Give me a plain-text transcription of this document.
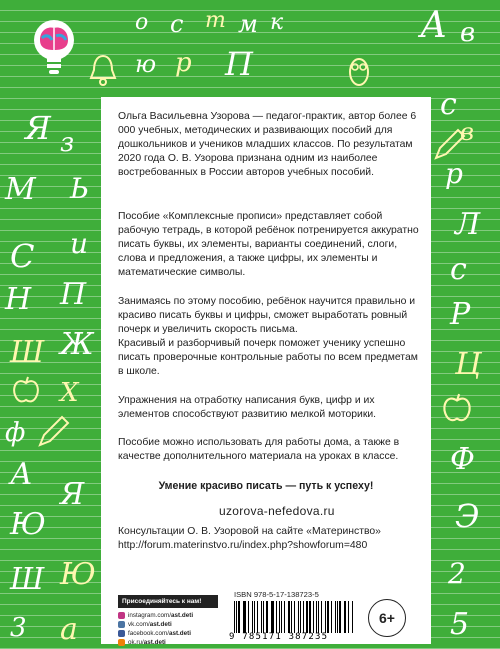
о с т м к	А
ю р П
Я
М
с
в
р
Л
с
Р
Ц
С
П
Н
Ж
Ш
А
Я
Ю
Ш Ю
Ф
Э
2
5
а
3
Ь
и
з
Х
ф
в

Ольга Васильевна Узорова — педагог-практик, автор более 6 000 учебных, методических и развивающих пособий для дошкольников и учеников младших классов. По результатам 2020 года О. В. Узорова признана одним из наиболее востребованных в России авторов учебных пособий.

Пособие «Комплексные прописи» представляет собой рабочую тетрадь, в которой ребёнок потренируется аккуратно писать буквы, их элементы, варианты соединений, слоги, слова и предложения, а также цифры, их элементы и математические символы.

Занимаясь по этому пособию, ребёнок научится правильно и красиво писать буквы и цифры, сможет выработать ровный почерк и увеличить скорость письма.

Красивый и разборчивый почерк поможет ученику успешно писать проверочные контрольные работы по всем предметам в школе.

Упражнения на отработку написания букв, цифр и их элементов способствуют развитию мелкой моторики.

Пособие можно использовать для работы дома, а также в качестве дополнительного материала на уроках в классе.

Умение красиво писать — путь к успеху!
uzorova-nefedova.ru
Консультации О. В. Узоровой на сайте «Материнство»
http://forum.materinstvo.ru/index.php?showforum=480
Присоединяйтесь к нам!
instagram.com/ ast.deti
vk.com/ ast.deti
facebook.com/ ast.deti
ok.ru/ ast.deti
ISBN 978-5-17-138723-5
9 785171 387235
6+
